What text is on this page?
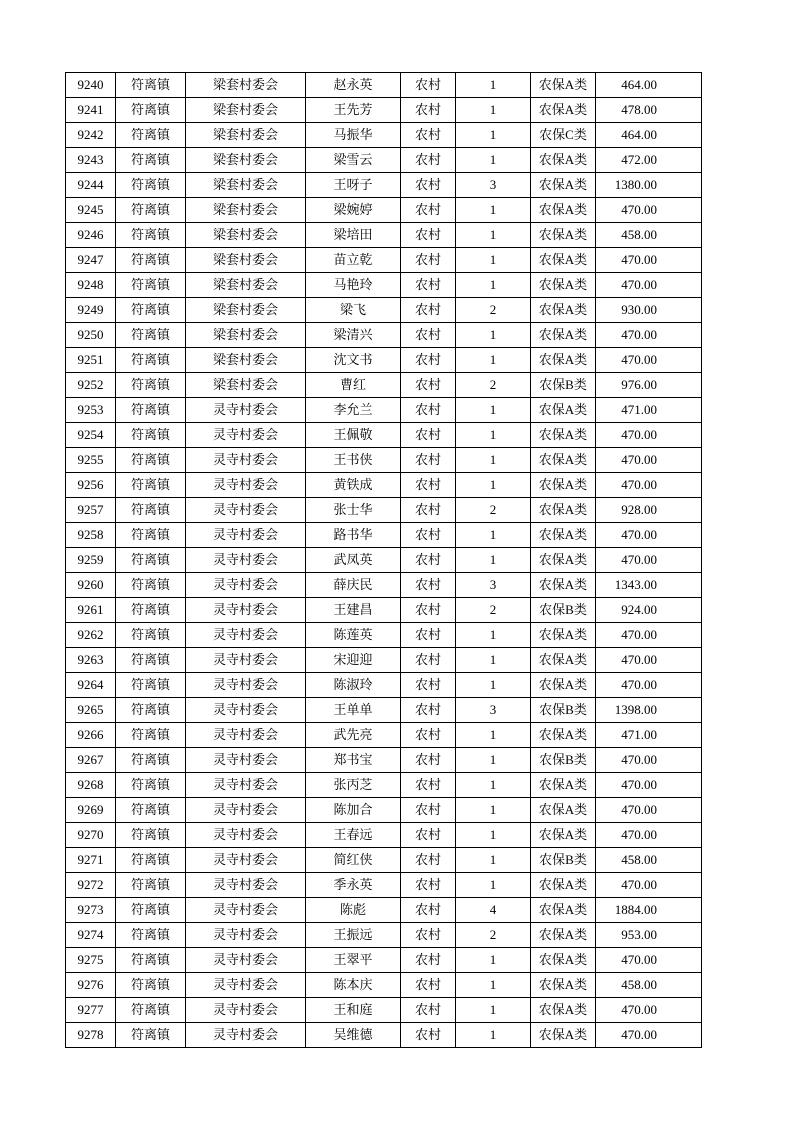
9240	符离镇	梁套村委会	赵永英	农村	1	农保A类	464.00
9241	符离镇	梁套村委会	王先芳	农村	1	农保A类	478.00
9242	符离镇	梁套村委会	马振华	农村	1	农保C类	464.00
9243	符离镇	梁套村委会	梁雪云	农村	1	农保A类	472.00
9244	符离镇	梁套村委会	王呀子	农村	3	农保A类	1380.00
9245	符离镇	梁套村委会	梁婉婷	农村	1	农保A类	470.00
9246	符离镇	梁套村委会	梁培田	农村	1	农保A类	458.00
9247	符离镇	梁套村委会	苗立乾	农村	1	农保A类	470.00
9248	符离镇	梁套村委会	马艳玲	农村	1	农保A类	470.00
9249	符离镇	梁套村委会	梁飞	农村	2	农保A类	930.00
9250	符离镇	梁套村委会	梁清兴	农村	1	农保A类	470.00
9251	符离镇	梁套村委会	沈文书	农村	1	农保A类	470.00
9252	符离镇	梁套村委会	曹红	农村	2	农保B类	976.00
9253	符离镇	灵寺村委会	李允兰	农村	1	农保A类	471.00
9254	符离镇	灵寺村委会	王佩敬	农村	1	农保A类	470.00
9255	符离镇	灵寺村委会	王书侠	农村	1	农保A类	470.00
9256	符离镇	灵寺村委会	黄铁成	农村	1	农保A类	470.00
9257	符离镇	灵寺村委会	张士华	农村	2	农保A类	928.00
9258	符离镇	灵寺村委会	路书华	农村	1	农保A类	470.00
9259	符离镇	灵寺村委会	武凤英	农村	1	农保A类	470.00
9260	符离镇	灵寺村委会	薛庆民	农村	3	农保A类	1343.00
9261	符离镇	灵寺村委会	王建昌	农村	2	农保B类	924.00
9262	符离镇	灵寺村委会	陈莲英	农村	1	农保A类	470.00
9263	符离镇	灵寺村委会	宋迎迎	农村	1	农保A类	470.00
9264	符离镇	灵寺村委会	陈淑玲	农村	1	农保A类	470.00
9265	符离镇	灵寺村委会	王单单	农村	3	农保B类	1398.00
9266	符离镇	灵寺村委会	武先亮	农村	1	农保A类	471.00
9267	符离镇	灵寺村委会	郑书宝	农村	1	农保B类	470.00
9268	符离镇	灵寺村委会	张丙芝	农村	1	农保A类	470.00
9269	符离镇	灵寺村委会	陈加合	农村	1	农保A类	470.00
9270	符离镇	灵寺村委会	王春远	农村	1	农保A类	470.00
9271	符离镇	灵寺村委会	简红侠	农村	1	农保B类	458.00
9272	符离镇	灵寺村委会	季永英	农村	1	农保A类	470.00
9273	符离镇	灵寺村委会	陈彪	农村	4	农保A类	1884.00
9274	符离镇	灵寺村委会	王振远	农村	2	农保A类	953.00
9275	符离镇	灵寺村委会	王翠平	农村	1	农保A类	470.00
9276	符离镇	灵寺村委会	陈本庆	农村	1	农保A类	458.00
9277	符离镇	灵寺村委会	王和庭	农村	1	农保A类	470.00
9278	符离镇	灵寺村委会	吴维德	农村	1	农保A类	470.00
